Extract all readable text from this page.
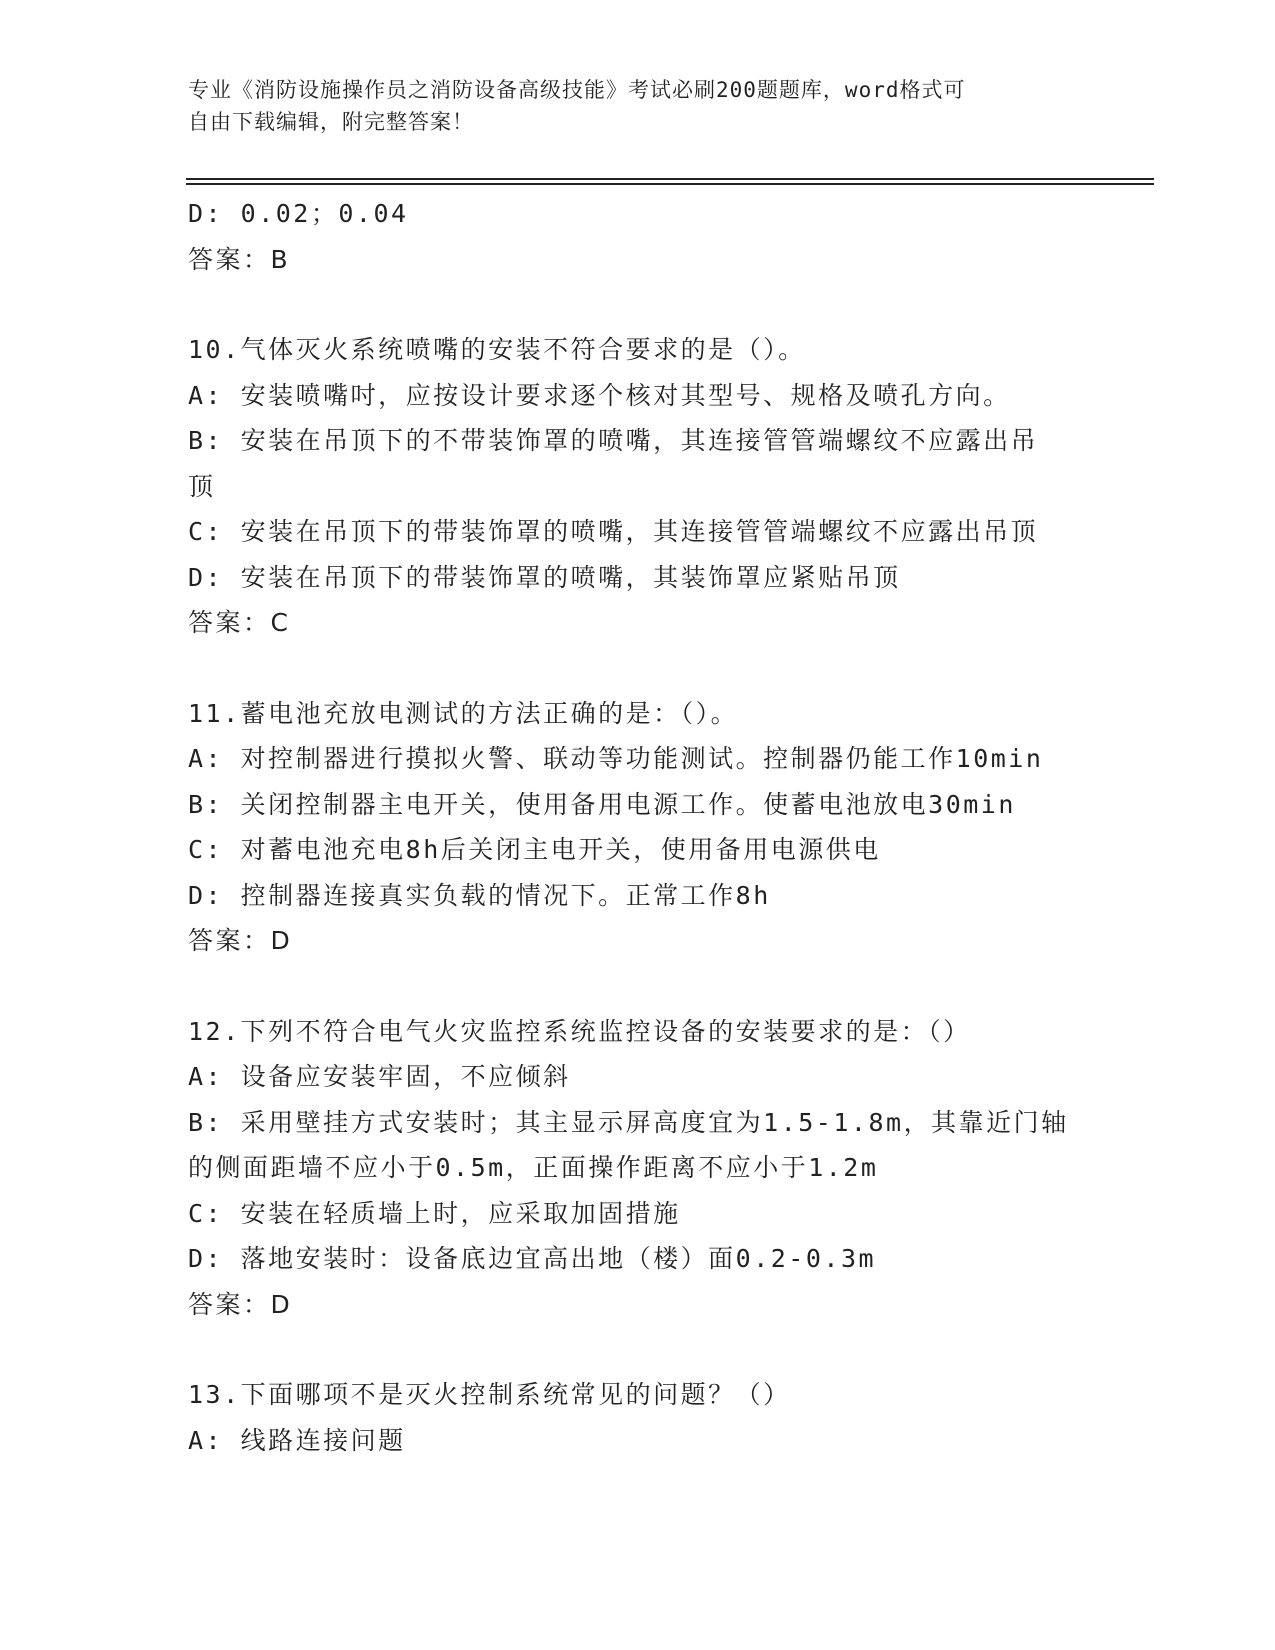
专业《消防设施操作员之消防设备高级技能》考试必刷200题题库，word格式可
自由下载编辑，附完整答案！
D: 0.02；0.04
答案：B
10.气体灭火系统喷嘴的安装不符合要求的是（）。
A: 安装喷嘴吋，应按设计要求逐个核对其型号、规格及喷孔方向。
B: 安装在吊顶下的不带装饰罩的喷嘴，其连接管管端螺纹不应露出吊
顶
C: 安装在吊顶下的带装饰罩的喷嘴，其连接管管端螺纹不应露出吊顶
D: 安装在吊顶下的带装饰罩的喷嘴，其装饰罩应紧贴吊顶
答案：C
11.蓄电池充放电测试的方法正确的是：（）。
A: 对控制器进行摸拟火警、联动等功能测试。控制器仍能工作10min
B: 关闭控制器主电开关，使用备用电源工作。使蓄电池放电30min
C: 对蓄电池充电8h后关闭主电开关，使用备用电源供电
D: 控制器连接真实负载的情况下。正常工作8h
答案：D
12.下列不符合电气火灾监控系统监控设备的安装要求的是：（）
A: 设备应安装牢固，不应倾斜
B: 采用壁挂方式安装时；其主显示屏高度宜为1.5-1.8m，其靠近门轴
的侧面距墙不应小于0.5m，正面操作距离不应小于1.2m
C: 安装在轻质墙上时，应采取加固措施
D: 落地安装时：设备底边宜高出地（楼）面0.2-0.3m
答案：D
13.下面哪项不是灭火控制系统常见的问题？（）
A: 线路连接问题
